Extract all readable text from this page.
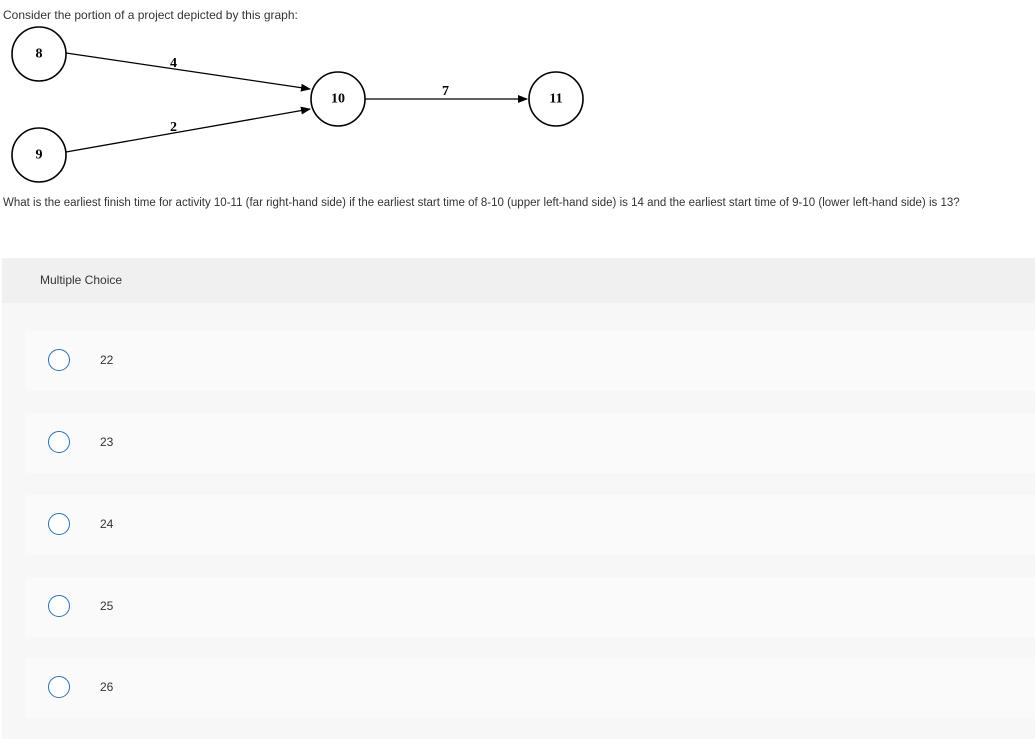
Consider the portion of a project depicted by this graph:
4
2
7
8
9
10	11
What is the earliest finish time for activity 10-11 (far right-hand side) if the earliest start time of 8-10 (upper left-hand side) is 14 and the earliest start time of 9-10 (lower left-hand side) is 13?
Multiple Choice
22
23
24
25
26
